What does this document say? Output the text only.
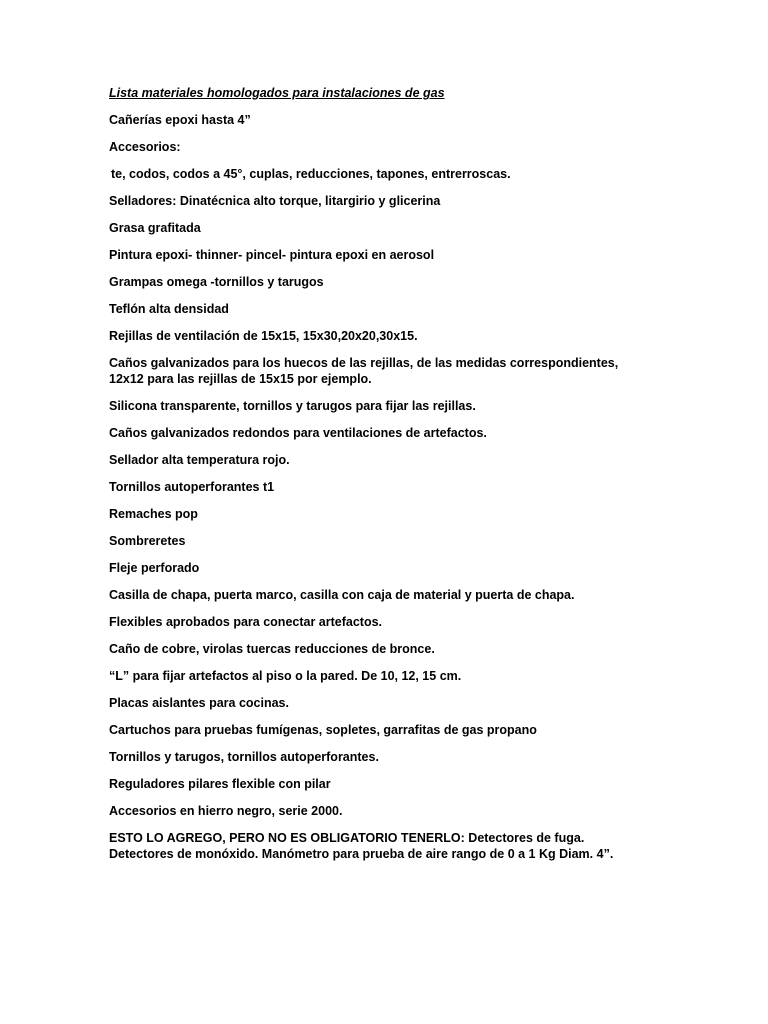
Lista materiales homologados para instalaciones de gas
Cañerías epoxi hasta 4”
Accesorios:
te, codos, codos a 45°, cuplas, reducciones, tapones, entrerroscas.
Selladores: Dinatécnica alto torque, litargirio y glicerina
Grasa grafitada
Pintura epoxi- thinner- pincel- pintura epoxi en aerosol
Grampas omega -tornillos y tarugos
Teflón alta densidad
Rejillas de ventilación de 15x15, 15x30,20x20,30x15.
Caños galvanizados para los huecos de las rejillas, de las medidas correspondientes, 12x12 para las rejillas de 15x15 por ejemplo.
Silicona transparente, tornillos y tarugos para fijar las rejillas.
Caños galvanizados redondos para ventilaciones de artefactos.
Sellador alta temperatura rojo.
Tornillos autoperforantes t1
Remaches pop
Sombreretes
Fleje perforado
Casilla de chapa, puerta marco, casilla con caja de material y puerta de chapa.
Flexibles aprobados para conectar artefactos.
Caño de cobre, virolas tuercas reducciones de bronce.
“L” para fijar artefactos al piso o la pared. De 10, 12, 15 cm.
Placas aislantes para cocinas.
Cartuchos para pruebas fumígenas, sopletes, garrafitas de gas propano
Tornillos y tarugos, tornillos autoperforantes.
Reguladores pilares flexible con pilar
Accesorios en hierro negro, serie 2000.
ESTO LO AGREGO, PERO NO ES OBLIGATORIO TENERLO: Detectores de fuga. Detectores de monóxido. Manómetro para prueba de aire rango de 0 a 1 Kg Diam. 4”.
